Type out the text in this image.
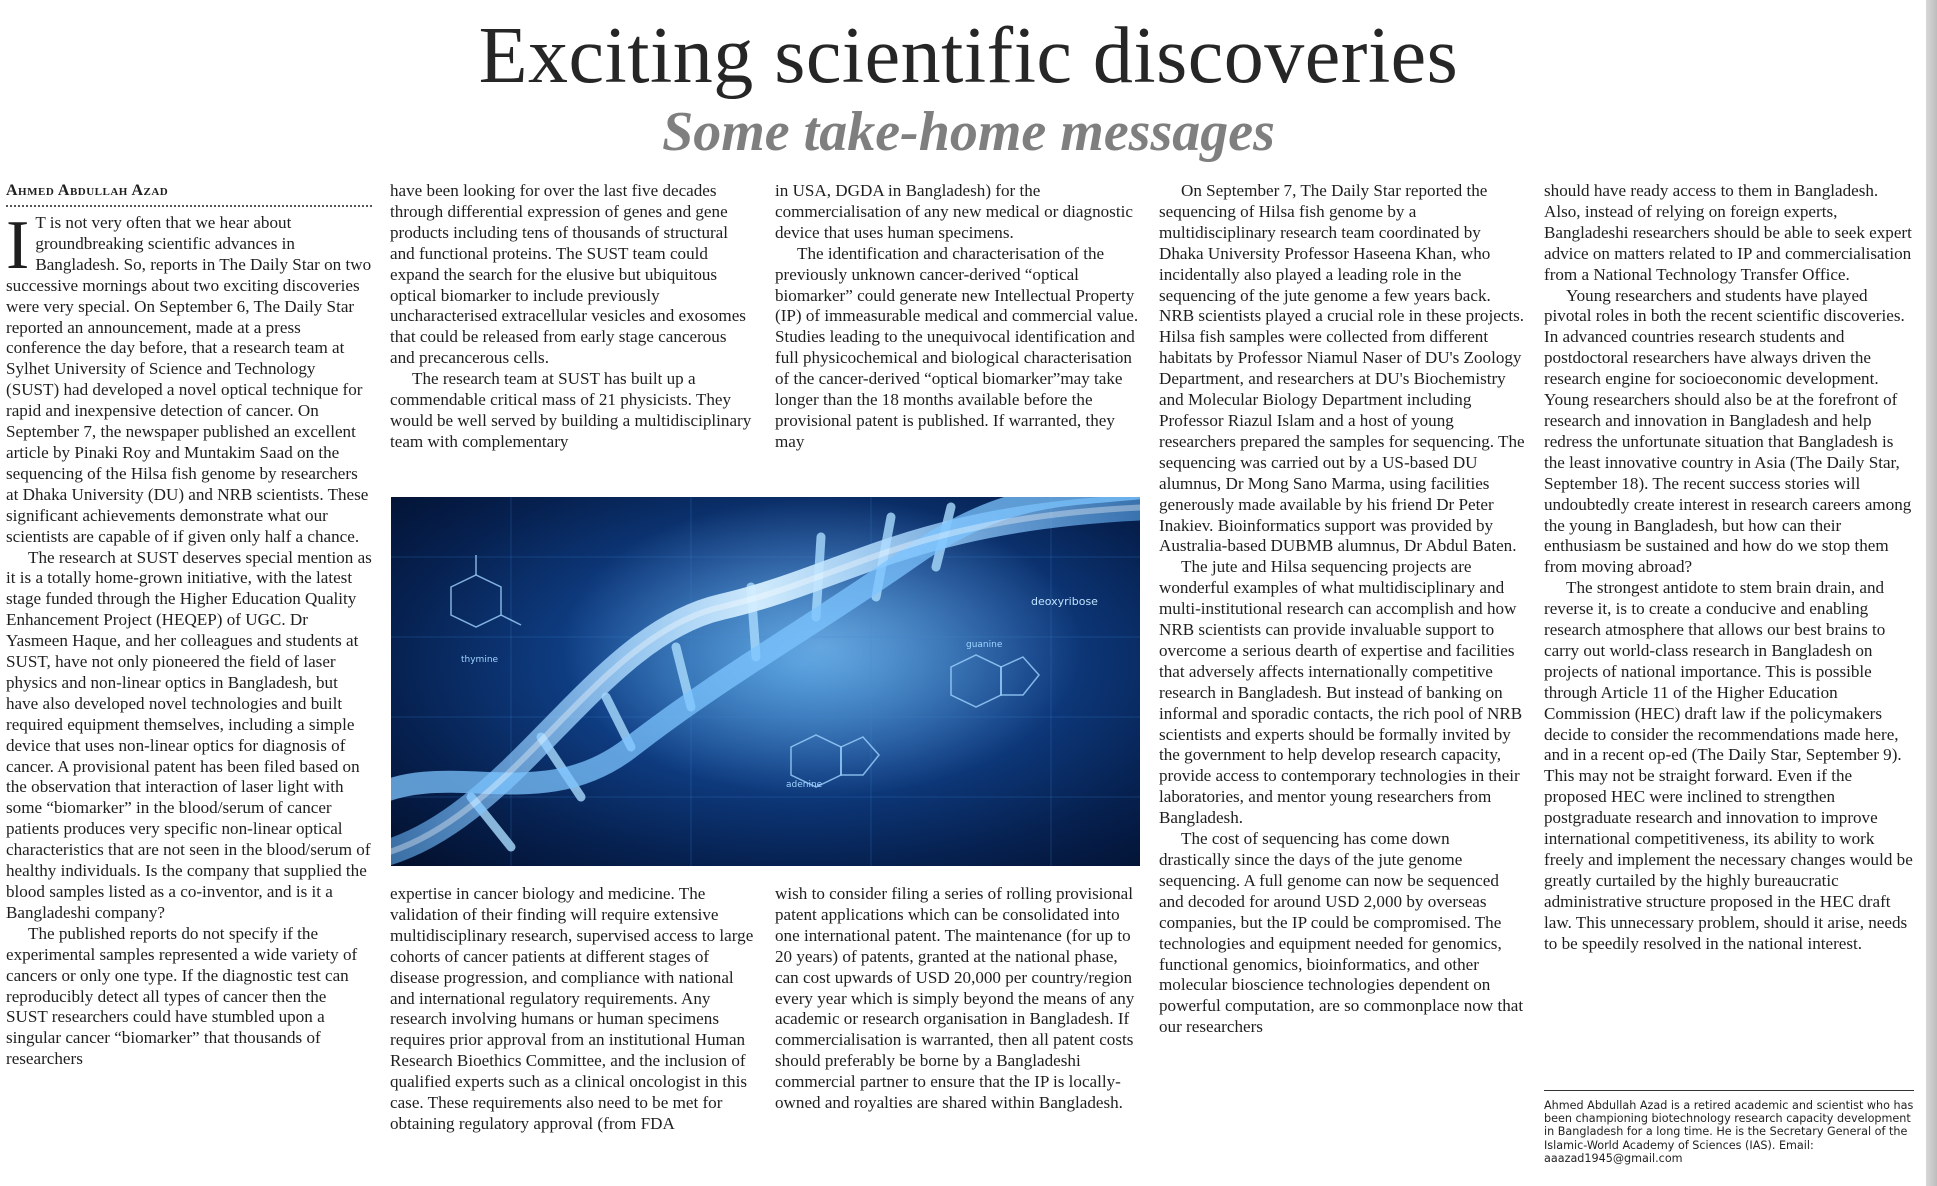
Exciting scientific discoveries
Some take-home messages
Ahmed Abdullah Azad

I T is not very often that we hear about groundbreaking scientific advances in Bangladesh. So, reports in The Daily Star on two successive mornings about two exciting discoveries were very special. On September 6, The Daily Star reported an announcement, made at a press conference the day before, that a research team at Sylhet University of Science and Technology (SUST) had developed a novel optical technique for rapid and inexpensive detection of cancer. On September 7, the newspaper published an excellent article by Pinaki Roy and Muntakim Saad on the sequencing of the Hilsa fish genome by researchers at Dhaka University (DU) and NRB scientists. These significant achievements demonstrate what our scientists are capable of if given only half a chance.

The research at SUST deserves special mention as it is a totally home-grown initiative, with the latest stage funded through the Higher Education Quality Enhancement Project (HEQEP) of UGC. Dr Yasmeen Haque, and her colleagues and students at SUST, have not only pioneered the field of laser physics and non-linear optics in Bangladesh, but have also developed novel technologies and built required equipment themselves, including a simple device that uses non-linear optics for diagnosis of cancer. A provisional patent has been filed based on the observation that interaction of laser light with some “biomarker” in the blood/serum of cancer patients produces very specific non-linear optical characteristics that are not seen in the blood/serum of healthy individuals. Is the company that supplied the blood samples listed as a co-inventor, and is it a Bangladeshi company?

The published reports do not specify if the experimental samples represented a wide variety of cancers or only one type. If the diagnostic test can reproducibly detect all types of cancer then the SUST researchers could have stumbled upon a singular cancer “biomarker” that thousands of researchers

have been looking for over the last five decades through differential expression of genes and gene products including tens of thousands of structural and functional proteins. The SUST team could expand the search for the elusive but ubiquitous optical biomarker to include previously uncharacterised extracellular vesicles and exosomes that could be released from early stage cancerous and precancerous cells.

The research team at SUST has built up a commendable critical mass of 21 physicists. They would be well served by building a multidisciplinary team with complementary

in USA, DGDA in Bangladesh) for the commercialisation of any new medical or diagnostic device that uses human specimens.

The identification and characterisation of the previously unknown cancer-derived “optical biomarker” could generate new Intellectual Property (IP) of immeasurable medical and commercial value. Studies leading to the unequivocal identification and full physicochemical and biological characterisation of the cancer-derived “optical biomarker”may take longer than the 18 months available before the provisional patent is published. If warranted, they may

thymine
deoxyribose
guanine
adenine

expertise in cancer biology and medicine. The validation of their finding will require extensive multidisciplinary research, supervised access to large cohorts of cancer patients at different stages of disease progression, and compliance with national and international regulatory requirements. Any research involving humans or human specimens requires prior approval from an institutional Human Research Bioethics Committee, and the inclusion of qualified experts such as a clinical oncologist in this case. These requirements also need to be met for obtaining regulatory approval (from FDA

wish to consider filing a series of rolling provisional patent applications which can be consolidated into one international patent. The maintenance (for up to 20 years) of patents, granted at the national phase, can cost upwards of USD 20,000 per country/region every year which is simply beyond the means of any academic or research organisation in Bangladesh. If commercialisation is warranted, then all patent costs should preferably be borne by a Bangladeshi commercial partner to ensure that the IP is locally-owned and royalties are shared within Bangladesh.

On September 7, The Daily Star reported the sequencing of Hilsa fish genome by a multidisciplinary research team coordinated by Dhaka University Professor Haseena Khan, who incidentally also played a leading role in the sequencing of the jute genome a few years back. NRB scientists played a crucial role in these projects. Hilsa fish samples were collected from different habitats by Professor Niamul Naser of DU's Zoology Department, and researchers at DU's Biochemistry and Molecular Biology Department including Professor Riazul Islam and a host of young researchers prepared the samples for sequencing. The sequencing was carried out by a US-based DU alumnus, Dr Mong Sano Marma, using facilities generously made available by his friend Dr Peter Inakiev. Bioinformatics support was provided by Australia-based DUBMB alumnus, Dr Abdul Baten.

The jute and Hilsa sequencing projects are wonderful examples of what multidisciplinary and multi-institutional research can accomplish and how NRB scientists can provide invaluable support to overcome a serious dearth of expertise and facilities that adversely affects internationally competitive research in Bangladesh. But instead of banking on informal and sporadic contacts, the rich pool of NRB scientists and experts should be formally invited by the government to help develop research capacity, provide access to contemporary technologies in their laboratories, and mentor young researchers from Bangladesh.

The cost of sequencing has come down drastically since the days of the jute genome sequencing. A full genome can now be sequenced and decoded for around USD 2,000 by overseas companies, but the IP could be compromised. The technologies and equipment needed for genomics, functional genomics, bioinformatics, and other molecular bioscience technologies dependent on powerful computation, are so commonplace now that our researchers

should have ready access to them in Bangladesh. Also, instead of relying on foreign experts, Bangladeshi researchers should be able to seek expert advice on matters related to IP and commercialisation from a National Technology Transfer Office.

Young researchers and students have played pivotal roles in both the recent scientific discoveries. In advanced countries research students and postdoctoral researchers have always driven the research engine for socioeconomic development. Young researchers should also be at the forefront of research and innovation in Bangladesh and help redress the unfortunate situation that Bangladesh is the least innovative country in Asia (The Daily Star, September 18). The recent success stories will undoubtedly create interest in research careers among the young in Bangladesh, but how can their enthusiasm be sustained and how do we stop them from moving abroad?

The strongest antidote to stem brain drain, and reverse it, is to create a conducive and enabling research atmosphere that allows our best brains to carry out world-class research in Bangladesh on projects of national importance. This is possible through Article 11 of the Higher Education Commission (HEC) draft law if the policymakers decide to consider the recommendations made here, and in a recent op-ed (The Daily Star, September 9). This may not be straight forward. Even if the proposed HEC were inclined to strengthen postgraduate research and innovation to improve international competitiveness, its ability to work freely and implement the necessary changes would be greatly curtailed by the highly bureaucratic administrative structure proposed in the HEC draft law. This unnecessary problem, should it arise, needs to be speedily resolved in the national interest.

Ahmed Abdullah Azad is a retired academic and scientist who has been championing biotechnology research capacity development in Bangladesh for a long time. He is the Secretary General of the Islamic-World Academy of Sciences (IAS). Email: aaazad1945@gmail.com
